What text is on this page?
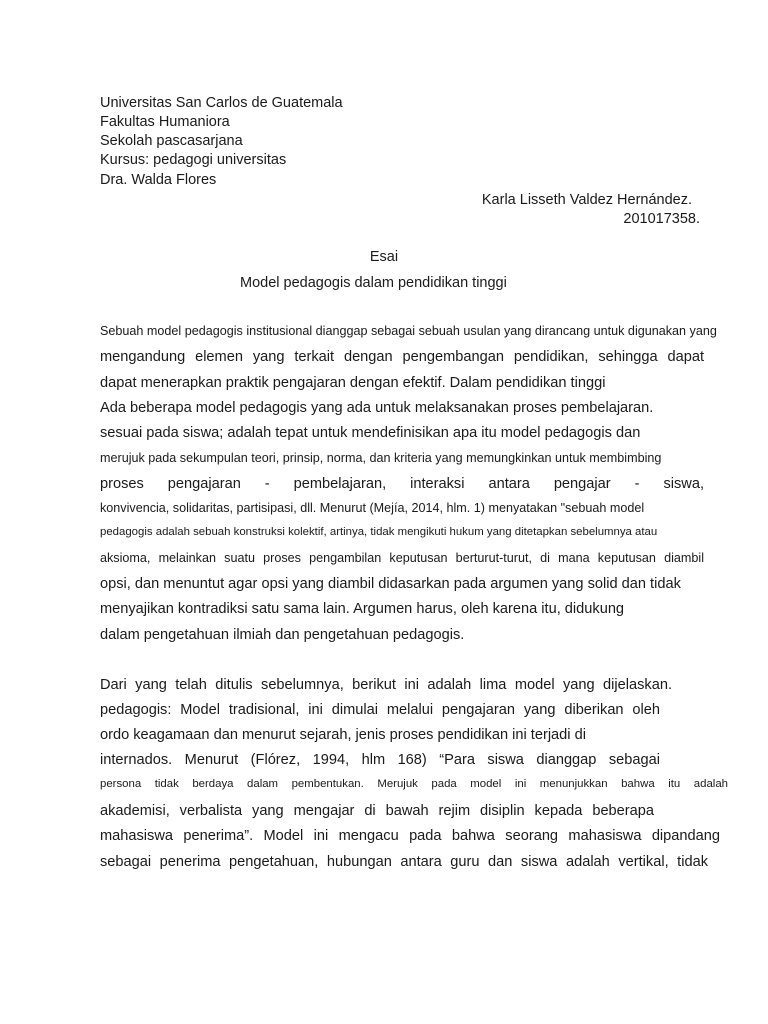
Universitas San Carlos de Guatemala
Fakultas Humaniora
Sekolah pascasarjana
Kursus: pedagogi universitas
Dra. Walda Flores
Karla Lisseth Valdez Hernández.
201017358.
Esai
Model pedagogis dalam pendidikan tinggi
Sebuah model pedagogis institusional dianggap sebagai sebuah usulan yang dirancang untuk digunakan yang
mengandung elemen yang terkait dengan pengembangan pendidikan, sehingga dapat
dapat menerapkan praktik pengajaran dengan efektif. Dalam pendidikan tinggi
Ada beberapa model pedagogis yang ada untuk melaksanakan proses pembelajaran.
sesuai pada siswa; adalah tepat untuk mendefinisikan apa itu model pedagogis dan
merujuk pada sekumpulan teori, prinsip, norma, dan kriteria yang memungkinkan untuk membimbing
proses pengajaran - pembelajaran, interaksi antara pengajar - siswa,
konvivencia, solidaritas, partisipasi, dll. Menurut (Mejía, 2014, hlm. 1) menyatakan "sebuah model
pedagogis adalah sebuah konstruksi kolektif, artinya, tidak mengikuti hukum yang ditetapkan sebelumnya atau
aksioma, melainkan suatu proses pengambilan keputusan berturut-turut, di mana keputusan diambil
opsi, dan menuntut agar opsi yang diambil didasarkan pada argumen yang solid dan tidak
menyajikan kontradiksi satu sama lain. Argumen harus, oleh karena itu, didukung
dalam pengetahuan ilmiah dan pengetahuan pedagogis.
Dari yang telah ditulis sebelumnya, berikut ini adalah lima model yang dijelaskan.
pedagogis: Model tradisional, ini dimulai melalui pengajaran yang diberikan oleh
ordo keagamaan dan menurut sejarah, jenis proses pendidikan ini terjadi di
internados. Menurut (Flórez, 1994, hlm 168) “Para siswa dianggap sebagai
persona tidak berdaya dalam pembentukan. Merujuk pada model ini menunjukkan bahwa itu adalah
akademisi, verbalista yang mengajar di bawah rejim disiplin kepada beberapa
mahasiswa penerima”. Model ini mengacu pada bahwa seorang mahasiswa dipandang
sebagai penerima pengetahuan, hubungan antara guru dan siswa adalah vertikal, tidak
